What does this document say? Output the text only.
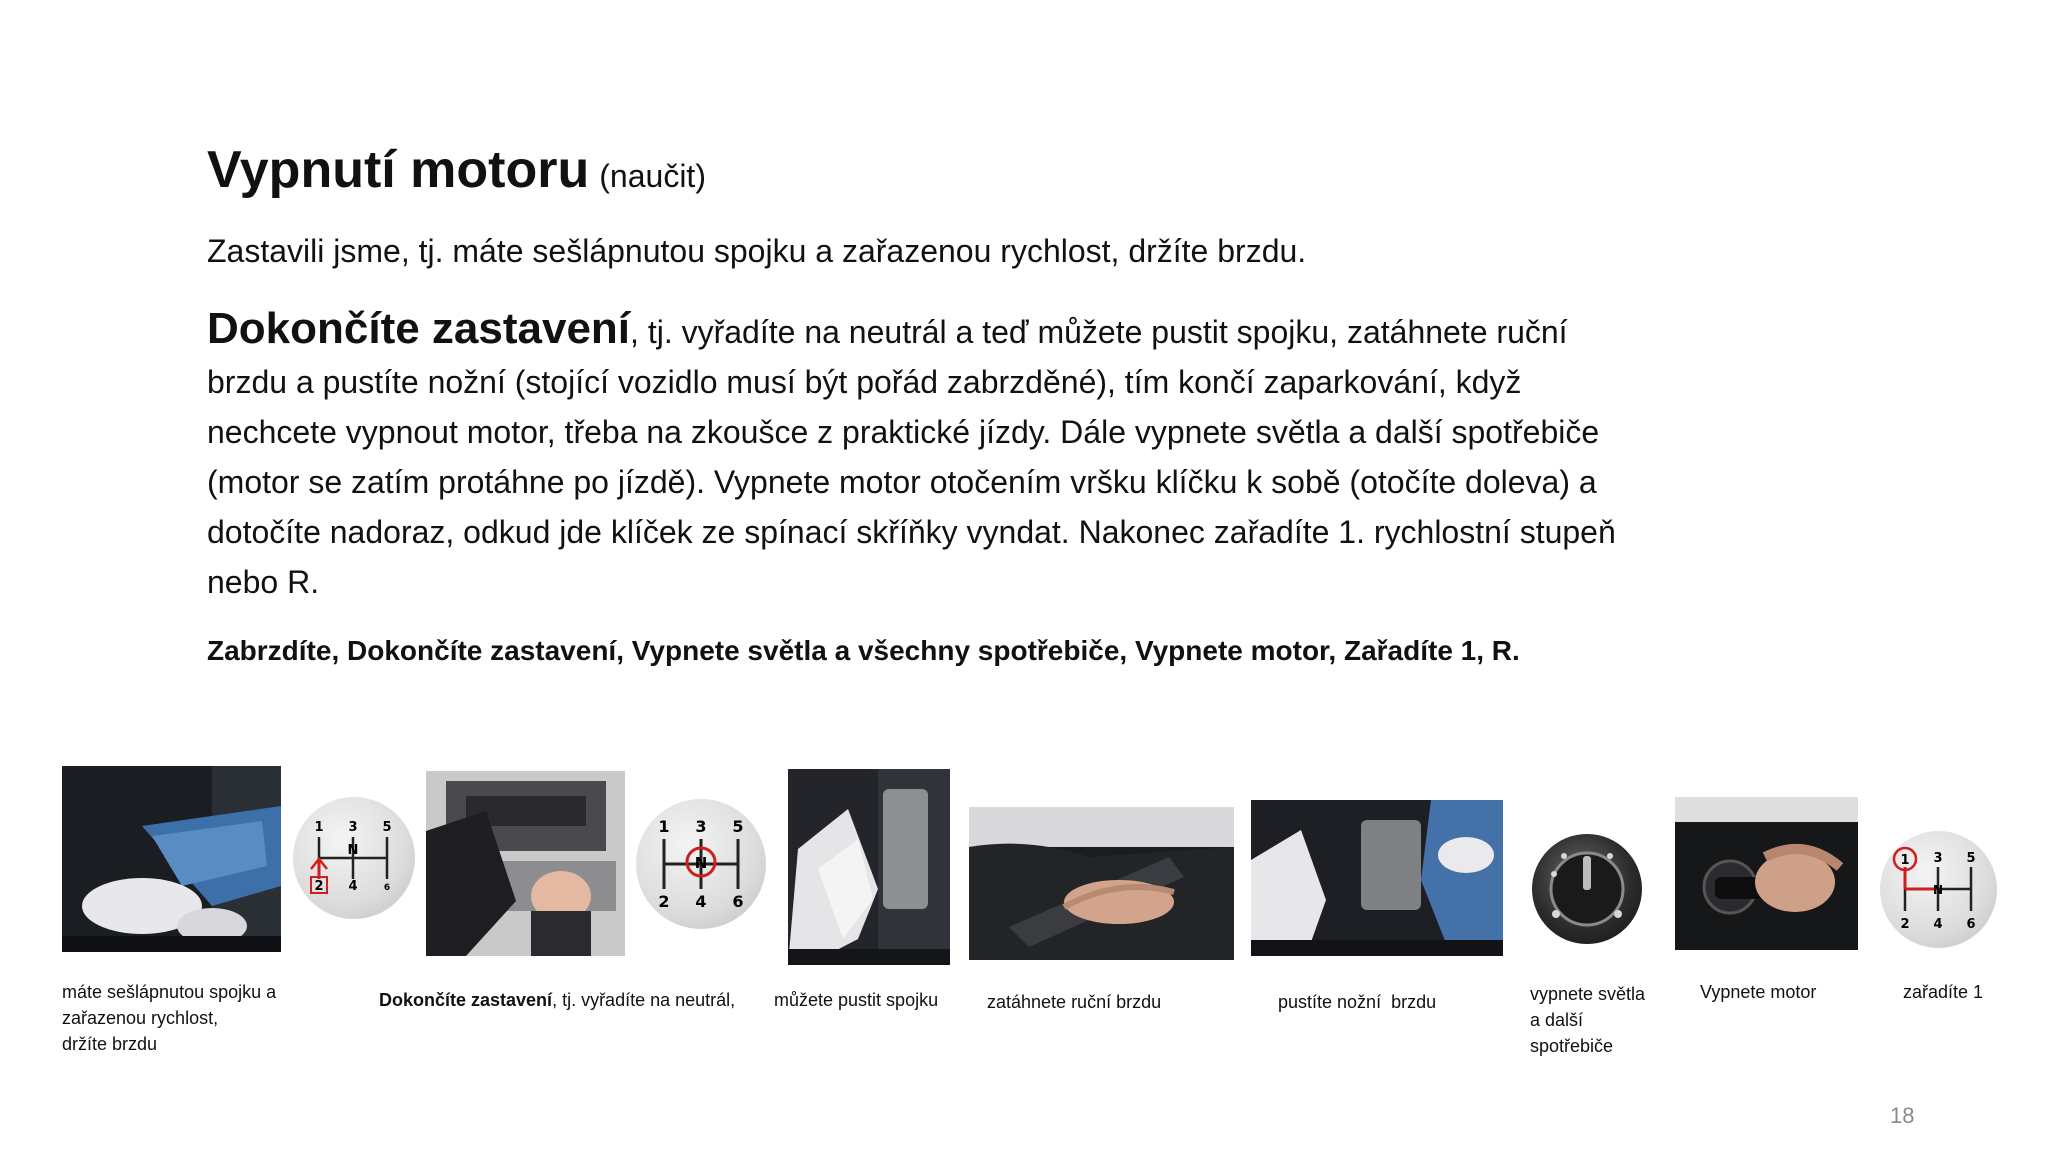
Vypnutí motoru (naučit)
Zastavili jsme, tj. máte sešlápnutou spojku a zařazenou rychlost, držíte brzdu.
Dokončíte zastavení, tj. vyřadíte na neutrál a teď můžete pustit spojku, zatáhnete ruční brzdu a pustíte nožní (stojící vozidlo musí být pořád zabrzděné), tím končí zaparkování, když nechcete vypnout motor, třeba na zkoušce z praktické jízdy. Dále vypnete světla a další spotřebiče (motor se zatím protáhne po jízdě). Vypnete motor otočením vršku klíčku k sobě (otočíte doleva) a dotočíte nadoraz, odkud jde klíček ze spínací skříňky vyndat. Nakonec zařadíte 1. rychlostní stupeň nebo R.
Zabrzdíte, Dokončíte zastavení, Vypnete světla a všechny spotřebiče, Vypnete motor, Zařadíte 1, R.
1 3 5
N
2 4	6
1 3 5
N
2 4 6
1 3 5
N
2 4 6
máte sešlápnutou spojku a
zařazenou rychlost,
držíte brzdu
Dokončíte zastavení, tj. vyřadíte na neutrál, můžete pustit spojku	zatáhnete ruční brzdu	pustíte nožní  brzdu	vypnete světla
a další
spotřebiče
Vypnete motor	zařadíte 1
18
